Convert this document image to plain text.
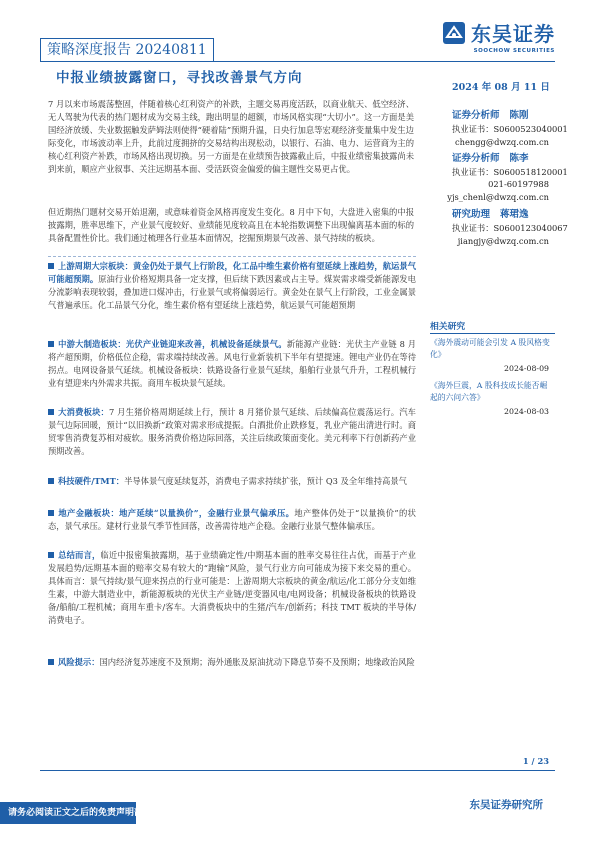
策略深度报告 20240811
东吴证券
SOOCHOW SECURITIES
中报业绩披露窗口，寻找改善景气方向
7 月以来市场震荡整固，伴随着核心红利资产的补跌，主题交易再度活跃，以商业航天、低空经济、无人驾驶为代表的热门题材成为交易主线，跑出明显的超额，市场风格实现“大切小”。这一方面是美国经济放缓、失业数据触发萨姆法则使得“硬着陆”预期升温，日央行加息等宏观经济变量集中发生边际变化，市场波动率上升，此前过度拥挤的交易结构出现松动，以银行、石油、电力、运营商为主的核心红利资产补跌，市场风格出现切换。另一方面是在业绩预告披露截止后，中报业绩密集披露尚未到来前，顺应产业叙事、关注远期基本面、受活跃资金偏爱的偏主题性交易更占优。
但近期热门题材交易开始退潮，或意味着资金风格再度发生变化。8 月中下旬，大盘进入密集的中报披露期，胜率思维下，产业景气度较好、业绩能见度较高且在本轮指数调整下出现偏离基本面的标的具备配置性价比。我们通过梳理各行业基本面情况，挖掘预期景气改善、景气持续的板块。
上游周期大宗板块：黄金仍处于景气上行阶段，化工品中维生素价格有望延续上涨趋势，航运景气可能超预期。原油行业价格短期具备一定支撑，但后续下跌因素或占主导。煤炭需求端受新能源发电分流影响表现较弱，叠加进口煤冲击，行业景气或将偏弱运行。黄金处在景气上行阶段，工业金属景气普遍承压。化工品景气分化，维生素价格有望延续上涨趋势，航运景气可能超预期
中游大制造板块：光伏产业链迎来改善，机械设备延续景气。新能源产业链：光伏主产业链 8 月将产超预期，价格低位企稳，需求端持续改善。风电行业新装机下半年有望提速。锂电产业仍在等待拐点。电网设备景气延续。机械设备板块：铁路设备行业景气延续，船舶行业景气升升，工程机械行业有望迎来内外需求共振。商用车板块景气延续。
大消费板块：7 月生猪价格周期延续上行，预计 8 月猪价景气延续、后续偏高位震荡运行。汽车景气边际回暖，预计“以旧换新”政策对需求形成提振。白酒批价止跌修复，乳业产能出清进行时。商贸零售消费复苏相对疲软。服务消费价格边际回落，关注后续政策面变化。美元利率下行创新药产业预期改善。
科技硬件/TMT：半导体景气度延续复苏，消费电子需求持续扩张，预计 Q3 及全年维持高景气
地产金融板块：地产延续“以量换价”，金融行业景气偏承压。地产整体仍处于“以量换价”的状态，景气承压。建材行业景气季节性回落，改善需待地产企稳。金融行业景气整体偏承压。
总结而言，临近中报密集披露期，基于业绩确定性/中期基本面的胜率交易往往占优，而基于产业发展趋势/远期基本面的赔率交易有较大的“跑输”风险，景气行业方向可能成为接下来交易的重心。具体而言：景气持续/景气迎来拐点的行业可能是：上游周期大宗板块的黄金/航运/化工部分分支如维生素，中游大制造业中，新能源板块的光伏主产业链/逆变器风电/电网设备；机械设备板块的铁路设备/船舶/工程机械；商用车重卡/客车。大消费板块中的生猪/汽车/创新药；科技 TMT 板块的半导体/消费电子。
风险提示：国内经济复苏速度不及预期；海外通胀及原油扰动下降息节奏不及预期；地缘政治风险
2024 年 08 月 11 日
证券分析师 陈刚
执业证书：S0600523040001
chengg@dwzq.com.cn
证券分析师 陈李
执业证书：S0600518120001
021-60197988
yjs_chenl@dwzq.com.cn
研究助理 蒋珺逸
执业证书：S0600123040067
jiangjy@dwzq.com.cn
相关研究
《海外震动可能会引发 A 股风格变化》
2024-08-09
《海外巨震，A 股科技成长能否崛起的六问六答》
2024-08-03
1 / 23
请务必阅读正文之后的免责声明部分
东吴证券研究所
